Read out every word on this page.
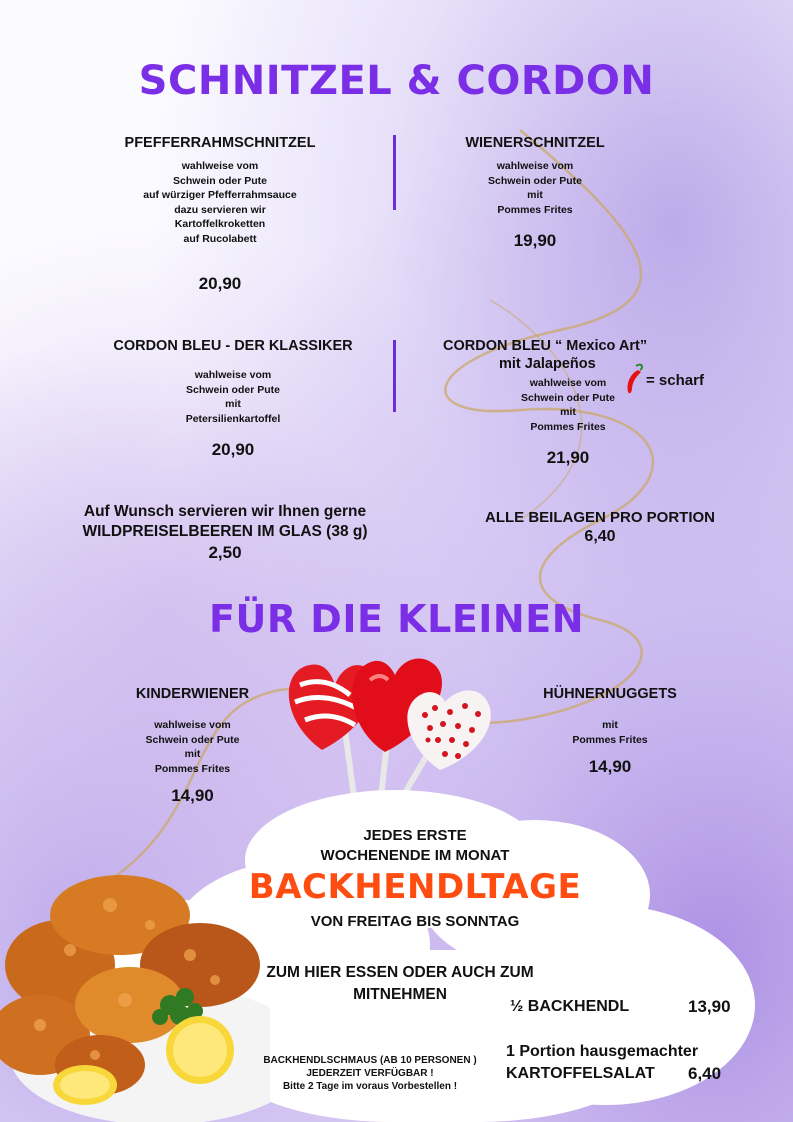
SCHNITZEL & CORDON
PFEFFERRAHMSCHNITZEL
wahlweise vom
Schwein oder Pute
auf würziger Pfefferrahmsauce
dazu servieren wir
Kartoffelkroketten
auf Rucolabett
20,90
WIENERSCHNITZEL
wahlweise vom
Schwein oder Pute
mit
Pommes Frites
19,90
CORDON BLEU - DER KLASSIKER
wahlweise vom
Schwein oder Pute
mit
Petersilienkartoffel
20,90
CORDON BLEU “ Mexico Art”
mit Jalapeños
wahlweise vom
Schwein oder Pute
mit
Pommes Frites
21,90
= scharf
Auf Wunsch servieren wir Ihnen gerne
WILDPREISELBEEREN IM GLAS (38 g)
2,50
ALLE BEILAGEN PRO PORTION
6,40
FÜR DIE KLEINEN
KINDERWIENER
wahlweise vom
Schwein oder Pute
mit
Pommes Frites
14,90
HÜHNERNUGGETS
mit
Pommes Frites
14,90
JEDES ERSTE
WOCHENENDE IM MONAT
BACKHENDLTAGE
VON FREITAG BIS SONNTAG
ZUM HIER ESSEN ODER AUCH ZUM
MITNEHMEN
½ BACKHENDL	13,90
1 Portion hausgemachter
KARTOFFELSALAT 6,40
BACKHENDLSCHMAUS (AB 10 PERSONEN )
JEDERZEIT VERFÜGBAR !
Bitte 2 Tage im voraus Vorbestellen !
